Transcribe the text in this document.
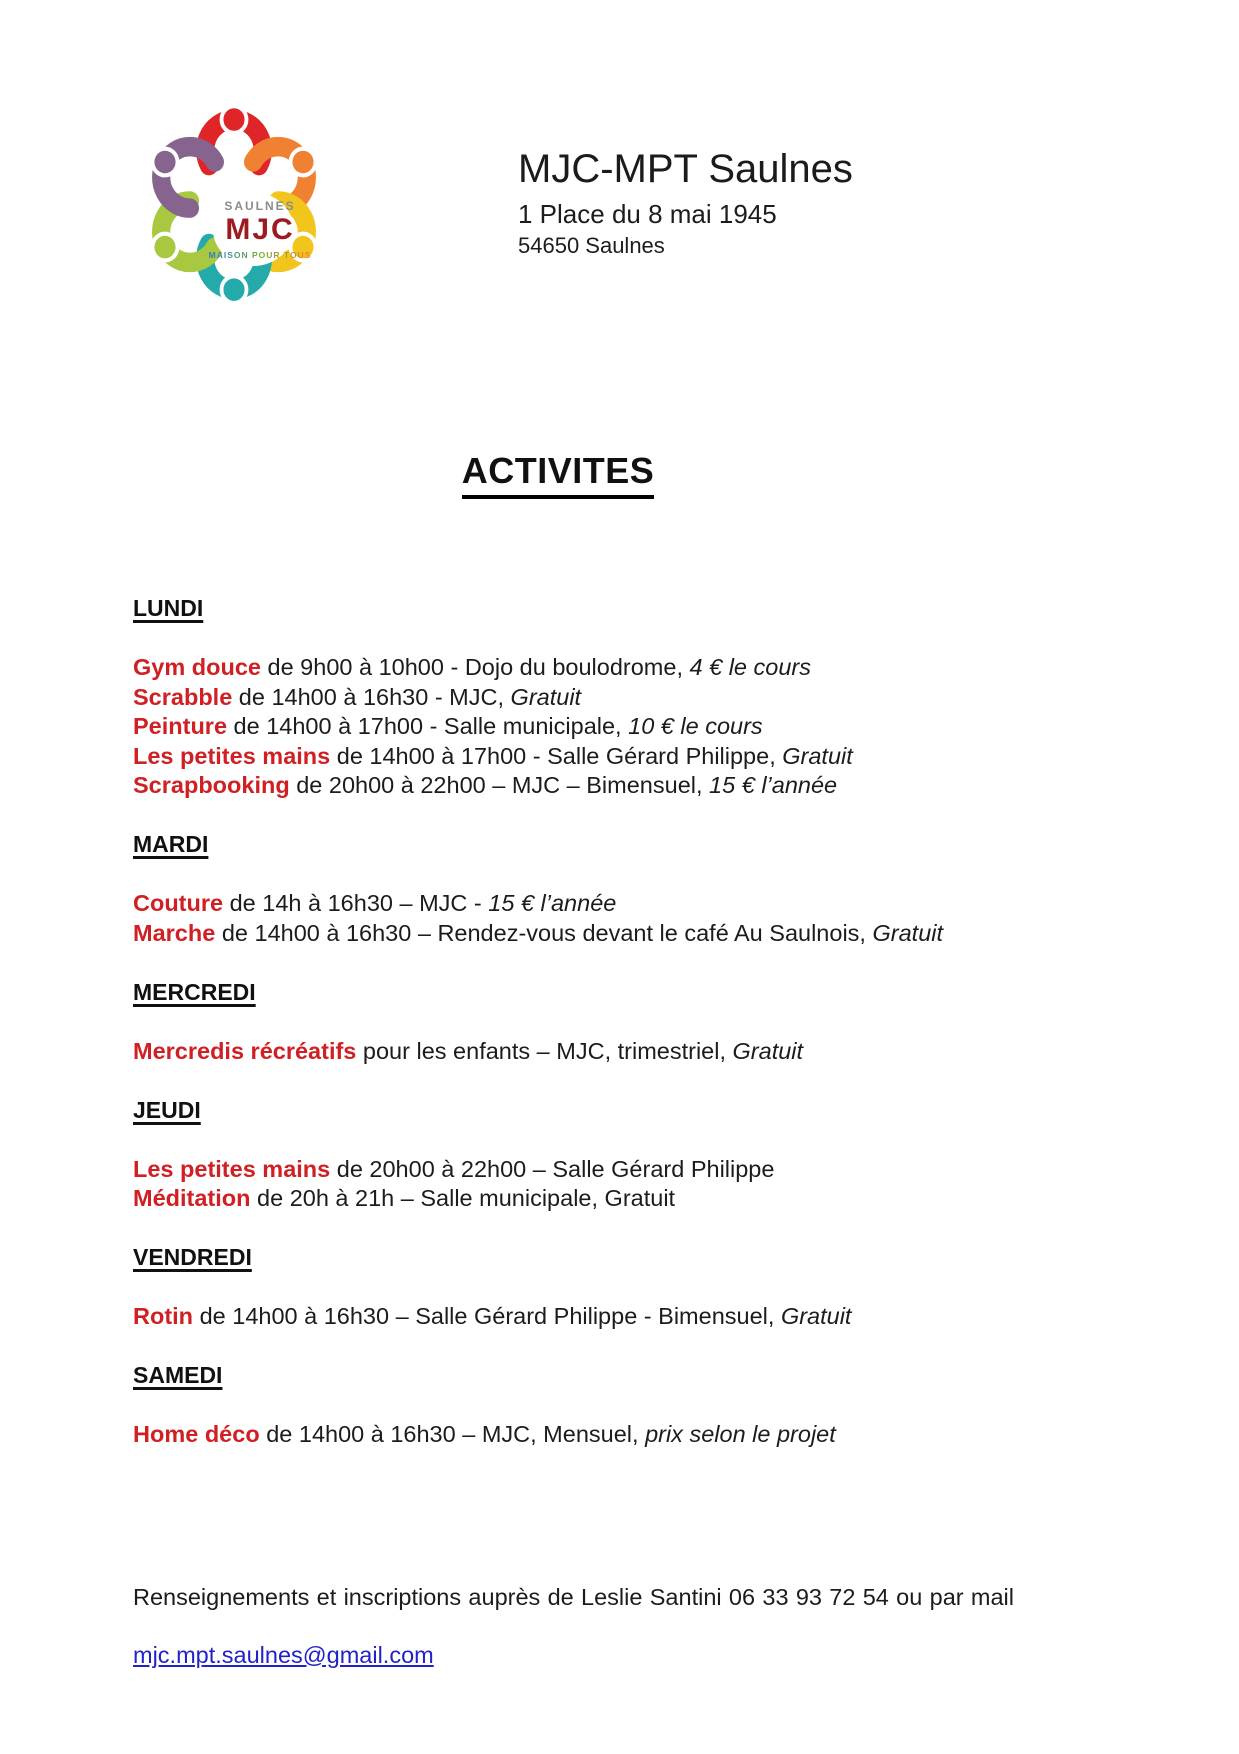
SAULNES
MJC
MAISON POUR TOUS
MJC-MPT Saulnes

1 Place du 8 mai 1945

54650 Saulnes

ACTIVITES
LUNDI

Gym douce de 9h00 à 10h00 - Dojo du boulodrome, 4 € le cours

Scrabble de 14h00 à 16h30 - MJC, Gratuit

Peinture de 14h00 à 17h00 - Salle municipale, 10 € le cours

Les petites mains de 14h00 à 17h00 - Salle Gérard Philippe, Gratuit

Scrapbooking de 20h00 à 22h00 – MJC – Bimensuel, 15 € l’année

MARDI

Couture de 14h à 16h30 – MJC - 15 € l’année

Marche de 14h00 à 16h30 – Rendez-vous devant le café Au Saulnois, Gratuit

MERCREDI

Mercredis récréatifs pour les enfants – MJC, trimestriel, Gratuit

JEUDI

Les petites mains de 20h00 à 22h00 – Salle Gérard Philippe

Méditation de 20h à 21h – Salle municipale, Gratuit

VENDREDI

Rotin de 14h00 à 16h30 – Salle Gérard Philippe - Bimensuel, Gratuit

SAMEDI

Home déco de 14h00 à 16h30 – MJC, Mensuel, prix selon le projet

Renseignements et inscriptions auprès de Leslie Santini 06 33 93 72 54 ou par mail

mjc.mpt.saulnes@gmail.com
